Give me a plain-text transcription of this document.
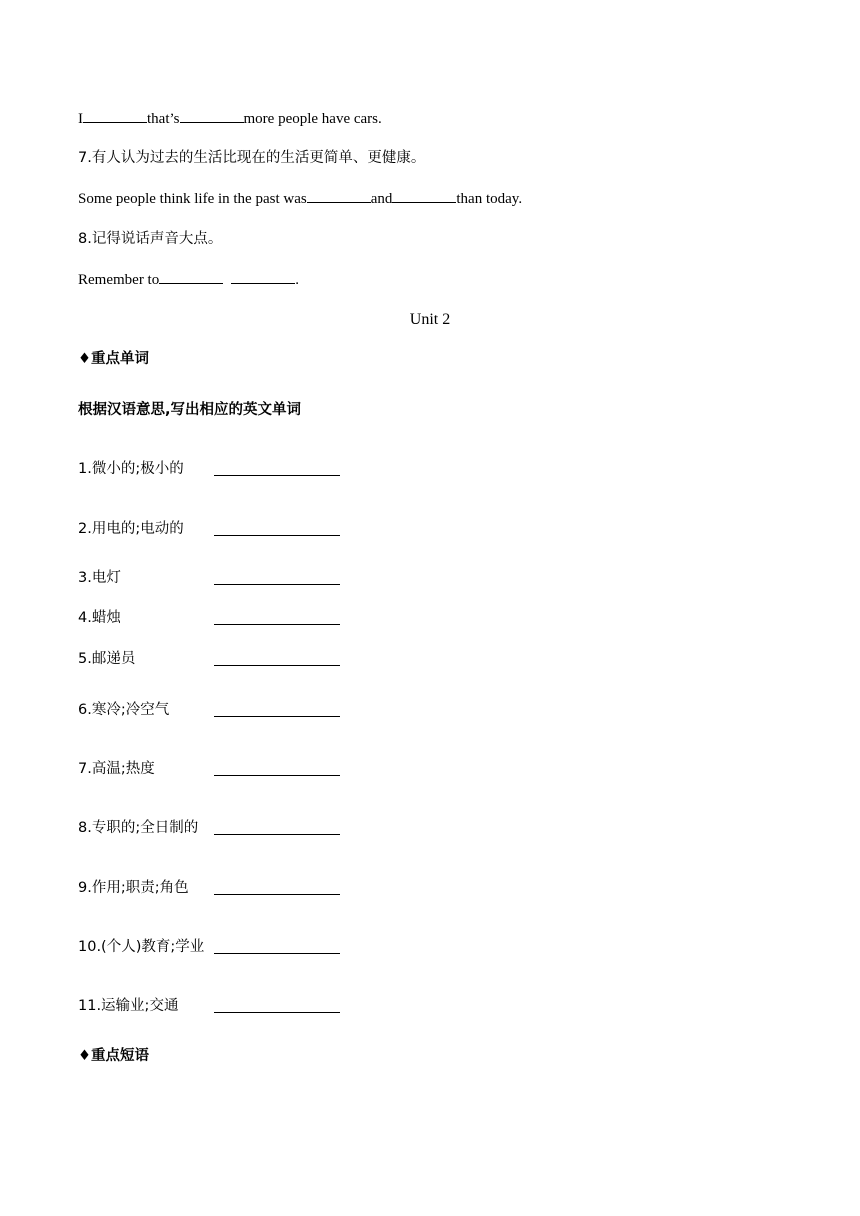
I	that’s	more people have cars.
7.有人认为过去的生活比现在的生活更简单、更健康。
Some people think life in the past was	and	than today.
8.记得说话声音大点。
Remember to	.
Unit 2
♦重点单词
根据汉语意思,写出相应的英文单词
1.微小的;极小的
2.用电的;电动的
3.电灯
4.蜡烛
5.邮递员
6.寒冷;冷空气
7.高温;热度
8.专职的;全日制的
9.作用;职责;角色
10.(个人)教育;学业
11.运输业;交通
♦重点短语
